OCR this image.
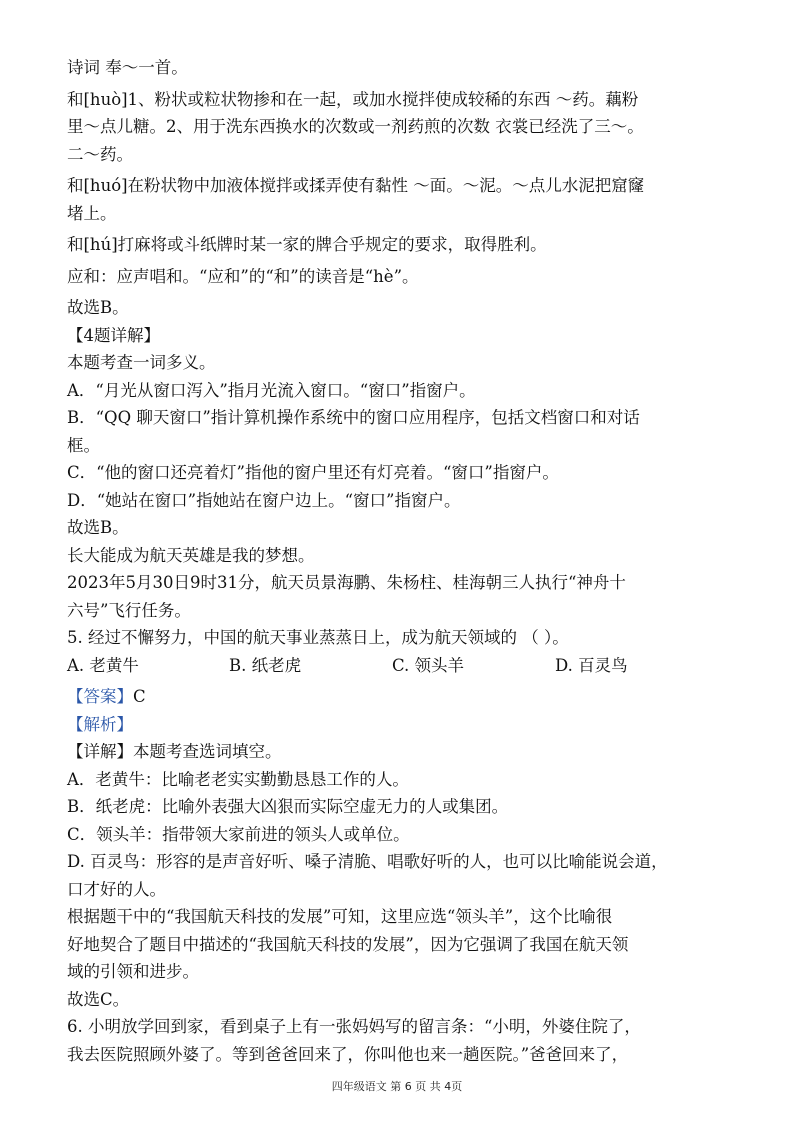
诗词 奉～一首。
和[huò]1、粉状或粒状物掺和在一起，或加水搅拌使成较稀的东西 ～药。藕粉
里～点儿糖。2、用于洗东西换水的次数或一剂药煎的次数 衣裳已经洗了三～。
二～药。
和[huó]在粉状物中加液体搅拌或揉弄使有黏性 ～面。～泥。～点儿水泥把窟窿
堵上。
和[hú]打麻将或斗纸牌时某一家的牌合乎规定的要求，取得胜利。
应和：应声唱和。“应和”的“和”的读音是“hè”。
故选B。
【4题详解】
本题考查一词多义。
A．“月光从窗口泻入”指月光流入窗口。“窗口”指窗户。
B．“QQ 聊天窗口”指计算机操作系统中的窗口应用程序，包括文档窗口和对话
框。
C．“他的窗口还亮着灯”指他的窗户里还有灯亮着。“窗口”指窗户。
D．“她站在窗口”指她站在窗户边上。“窗口”指窗户。
故选B。
长大能成为航天英雄是我的梦想。
2023年5月30日9时31分，航天员景海鹏、朱杨柱、桂海朝三人执行“神舟十
六号”飞行任务。
5. 经过不懈努力，中国的航天事业蒸蒸日上，成为航天领域的 （ ）。
A. 老黄牛	B. 纸老虎	C. 领头羊	D. 百灵鸟
【答案】C
【解析】
【详解】本题考查选词填空。
A．老黄牛：比喻老老实实勤勤恳恳工作的人。
B．纸老虎：比喻外表强大凶狠而实际空虚无力的人或集团。
C．领头羊：指带领大家前进的领头人或单位。
D. 百灵鸟：形容的是声音好听、嗓子清脆、唱歌好听的人，也可以比喻能说会道，
口才好的人。
根据题干中的“我国航天科技的发展”可知，这里应选“领头羊”，这个比喻很
好地契合了题目中描述的“我国航天科技的发展”，因为它强调了我国在航天领
域的引领和进步。
故选C。
6. 小明放学回到家，看到桌子上有一张妈妈写的留言条：“小明，外婆住院了，
我去医院照顾外婆了。等到爸爸回来了，你叫他也来一趟医院。”爸爸回来了，
四年级语文 第 6 页 共 4页
